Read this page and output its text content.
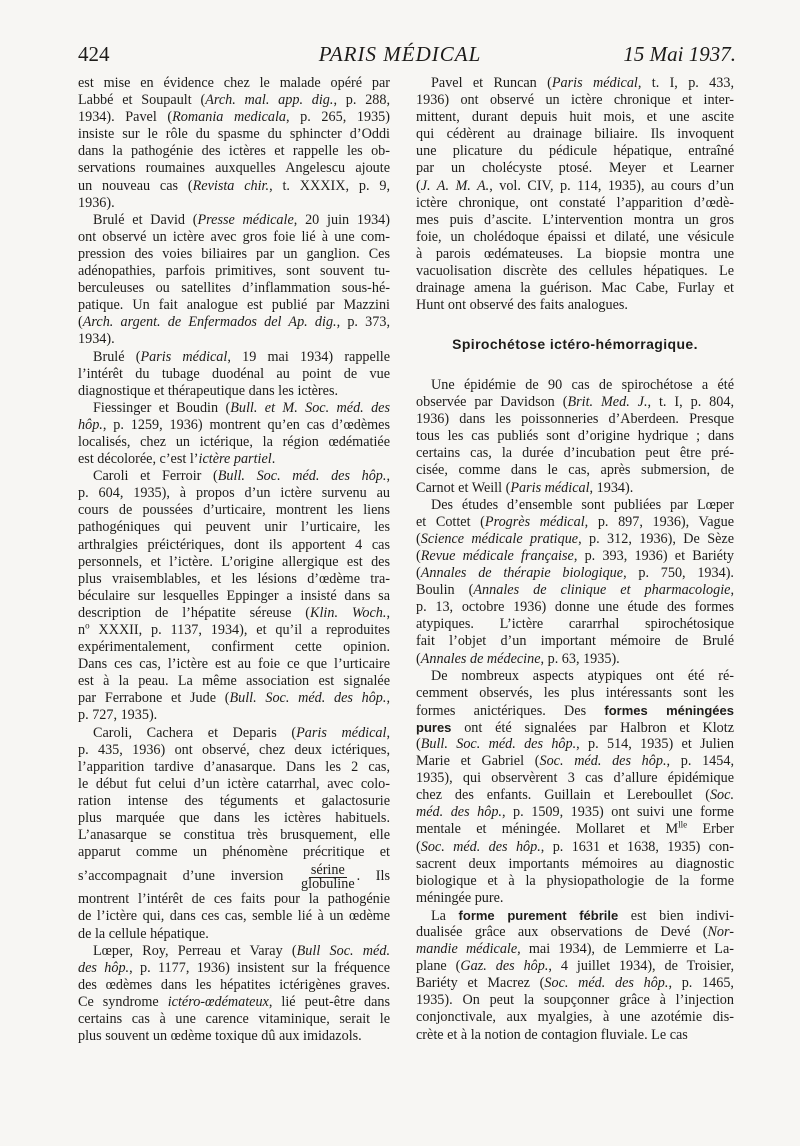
424	PARIS MÉDICAL	15 Mai 1937.
est mise en évidence chez le malade opéré par
Labbé et Soupault (Arch. mal. app. dig., p. 288,
1934). Pavel (Romania medicala, p. 265, 1935)
insiste sur le rôle du spasme du sphincter d’Oddi
dans la pathogénie des ictères et rappelle les ob-
servations roumaines auxquelles Angelescu ajoute
un nouveau cas (Revista chir., t. XXXIX, p. 9,
1936).
Brulé et David (Presse médicale, 20 juin 1934)
ont observé un ictère avec gros foie lié à une com-
pression des voies biliaires par un ganglion. Ces
adénopathies, parfois primitives, sont souvent tu-
berculeuses ou satellites d’inflammation sous-hé-
patique. Un fait analogue est publié par Mazzini
(Arch. argent. de Enfermados del Ap. dig., p. 373,
1934).
Brulé (Paris médical, 19 mai 1934) rappelle
l’intérêt du tubage duodénal au point de vue
diagnostique et thérapeutique dans les ictères.
Fiessinger et Boudin (Bull. et M. Soc. méd. des
hôp., p. 1259, 1936) montrent qu’en cas d’œdèmes
localisés, chez un ictérique, la région œdématiée
est décolorée, c’est l’ictère partiel.
Caroli et Ferroir (Bull. Soc. méd. des hôp.,
p. 604, 1935), à propos d’un ictère survenu au
cours de poussées d’urticaire, montrent les liens
pathogéniques qui peuvent unir l’urticaire, les
arthralgies préictériques, dont ils apportent 4 cas
personnels, et l’ictère. L’origine allergique est des
plus vraisemblables, et les lésions d’œdème tra-
béculaire sur lesquelles Eppinger a insisté dans sa
description de l’hépatite séreuse (Klin. Woch.,
$n^o$ XXXII, p. 1137, 1934), et qu’il a reproduites
expérimentalement, confirment cette opinion.
Dans ces cas, l’ictère est au foie ce que l’urticaire
est à la peau. La même association est signalée
par Ferrabone et Jude (Bull. Soc. méd. des hôp.,
p. 727, 1935).
Caroli, Cachera et Deparis (Paris médical,
p. 435, 1936) ont observé, chez deux ictériques,
l’apparition tardive d’anasarque. Dans les 2 cas,
le début fut celui d’un ictère catarrhal, avec colo-
ration intense des téguments et galactosurie
plus marquée que dans les ictères habituels.
L’anasarque se constitua très brusquement, elle
apparut comme un phénomène précritique et
s’accompagnait d’une inversion $\frac{\text{sérine}}{\text{globuline}}$ . Ils
montrent l’intérêt de ces faits pour la pathogénie
de l’ictère qui, dans ces cas, semble lié à un œdème
de la cellule hépatique.
Lœper, Roy, Perreau et Varay (Bull Soc. méd.
des hôp., p. 1177, 1936) insistent sur la fréquence
des œdèmes dans les hépatites ictérigènes graves.
Ce syndrome ictéro-œdémateux, lié peut-être dans
certains cas à une carence vitaminique, serait le
plus souvent un œdème toxique dû aux imidazols.
Pavel et Runcan (Paris médical, t. I, p. 433,
1936) ont observé un ictère chronique et inter-
mittent, durant depuis huit mois, et une ascite
qui cédèrent au drainage biliaire. Ils invoquent
une plicature du pédicule hépatique, entraîné
par un cholécyste ptosé. Meyer et Learner
(J. A. M. A., vol. CIV, p. 114, 1935), au cours d’un
ictère chronique, ont constaté l’apparition d’œdè-
mes puis d’ascite. L’intervention montra un gros
foie, un cholédoque épaissi et dilaté, une vésicule
à parois œdémateuses. La biopsie montra une
vacuolisation discrète des cellules hépatiques. Le
drainage amena la guérison. Mac Cabe, Furlay et
Hunt ont observé des faits analogues.
Spirochétose ictéro-hémorragique.
Une épidémie de 90 cas de spirochétose a été
observée par Davidson (Brit. Med. J., t. I, p. 804,
1936) dans les poissonneries d’Aberdeen. Presque
tous les cas publiés sont d’origine hydrique ; dans
certains cas, la durée d’incubation peut être pré-
cisée, comme dans le cas, après submersion, de
Carnot et Weill (Paris médical, 1934).
Des études d’ensemble sont publiées par Lœper
et Cottet (Progrès médical, p. 897, 1936), Vague
(Science médicale pratique, p. 312, 1936), De Sèze
(Revue médicale française, p. 393, 1936) et Bariéty
(Annales de thérapie biologique, p. 750, 1934).
Boulin (Annales de clinique et pharmacologie,
p. 13, octobre 1936) donne une étude des formes
atypiques. L’ictère cararrhal spirochétosique
fait l’objet d’un important mémoire de Brulé
(Annales de médecine, p. 63, 1935).
De nombreux aspects atypiques ont été ré-
cemment observés, les plus intéressants sont les
formes anictériques. Des formes méningées
pures ont été signalées par Halbron et Klotz
(Bull. Soc. méd. des hôp., p. 514, 1935) et Julien
Marie et Gabriel (Soc. méd. des hôp., p. 1454,
1935), qui observèrent 3 cas d’allure épidémique
chez des enfants. Guillain et Lereboullet (Soc.
méd. des hôp., p. 1509, 1935) ont suivi une forme
mentale et méningée. Mollaret et $M^{lle}$ Erber
(Soc. méd. des hôp., p. 1631 et 1638, 1935) con-
sacrent deux importants mémoires au diagnostic
biologique et à la physiopathologie de la forme
méningée pure.
La forme purement fébrile est bien indivi-
dualisée grâce aux observations de Devé (Nor-
mandie médicale, mai 1934), de Lemmierre et La-
plane (Gaz. des hôp., 4 juillet 1934), de Troisier,
Bariéty et Macrez (Soc. méd. des hôp., p. 1465,
1935). On peut la soupçonner grâce à l’injection
conjonctivale, aux myalgies, à une azotémie dis-
crète et à la notion de contagion fluviale. Le cas
